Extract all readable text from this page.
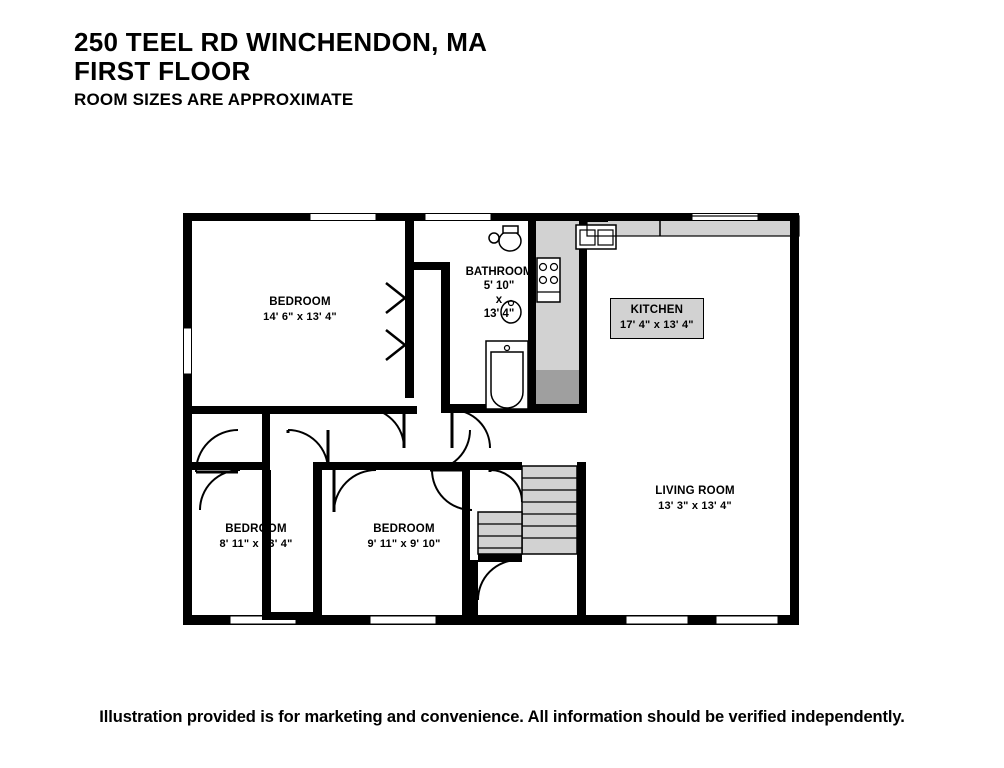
250 TEEL RD WINCHENDON, MA
FIRST FLOOR
ROOM SIZES ARE APPROXIMATE
BEDROOM
14' 6" x 13' 4"
BATHROOM
5' 10"
x
13' 4"	KITCHEN
17' 4" x 13' 4"
LIVING ROOM
13' 3" x 13' 4"
BEDROOM
8' 11" x 13' 4"
BEDROOM
9' 11" x 9' 10"
Illustration provided is for marketing and convenience. All information should be verified independently.
